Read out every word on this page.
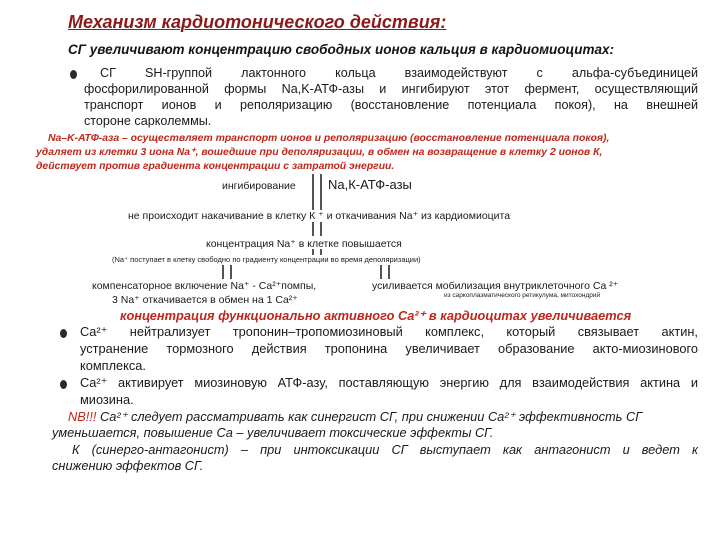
Механизм кардиотонического действия:
СГ увеличивают концентрацию свободных ионов кальция в кардиомиоцитах:
СГ SH-группой лактонного кольца взаимодействуют с альфа-субъединицей
фосфорилированной формы Na,K-АТФ-азы и ингибируют этот фермент, осуществляющий
транспорт ионов и реполяризацию (восстановление потенциала покоя), на внешней
стороне сарколеммы.
Na–K-АТФ-аза – осуществляет транспорт ионов и реполяризацию (восстановление потенциала покоя),
удаляет из клетки 3 иона Na⁺, вошедшие при деполяризации, в обмен на возвращение в клетку 2 ионов К,
действует против градиента концентрации с затратой энергии.
ингибирование Na,К-АТФ-азы
не происходит накачивание в клетку К ⁺ и откачивания Na⁺ из кардиомиоцита
концентрация Na⁺ в клетке повышается
(Na⁺ поступает в клетку свободно по градиенту концентрации во время деполяризации)
компенсаторное включение Na⁺ - Ca²⁺помпы,
3 Na⁺ откачивается в обмен на 1 Ca²⁺
усиливается мобилизация внутриклеточного Ca ²⁺
из саркоплазматического ретикулума, митохондрий
концентрация функционально активного Ca²⁺ в кардиоцитах увеличивается
Ca²⁺ нейтрализует тропонин–тропомиозиновый комплекс, который связывает актин,
устранение тормозного действия тропонина увеличивает образование акто-миозинового
комплекса.
Ca²⁺ активирует миозиновую АТФ-азу, поставляющую энергию для взаимодействия актина и
миозина.
NB!!! Ca²⁺ следует рассматривать как синергист СГ, при снижении Ca²⁺ эффективность СГ
уменьшается, повышение Ca – увеличивает токсические эффекты СГ.
К (синерго-антагонист) – при интоксикации СГ выступает как антагонист и ведет к
снижению эффектов СГ.
